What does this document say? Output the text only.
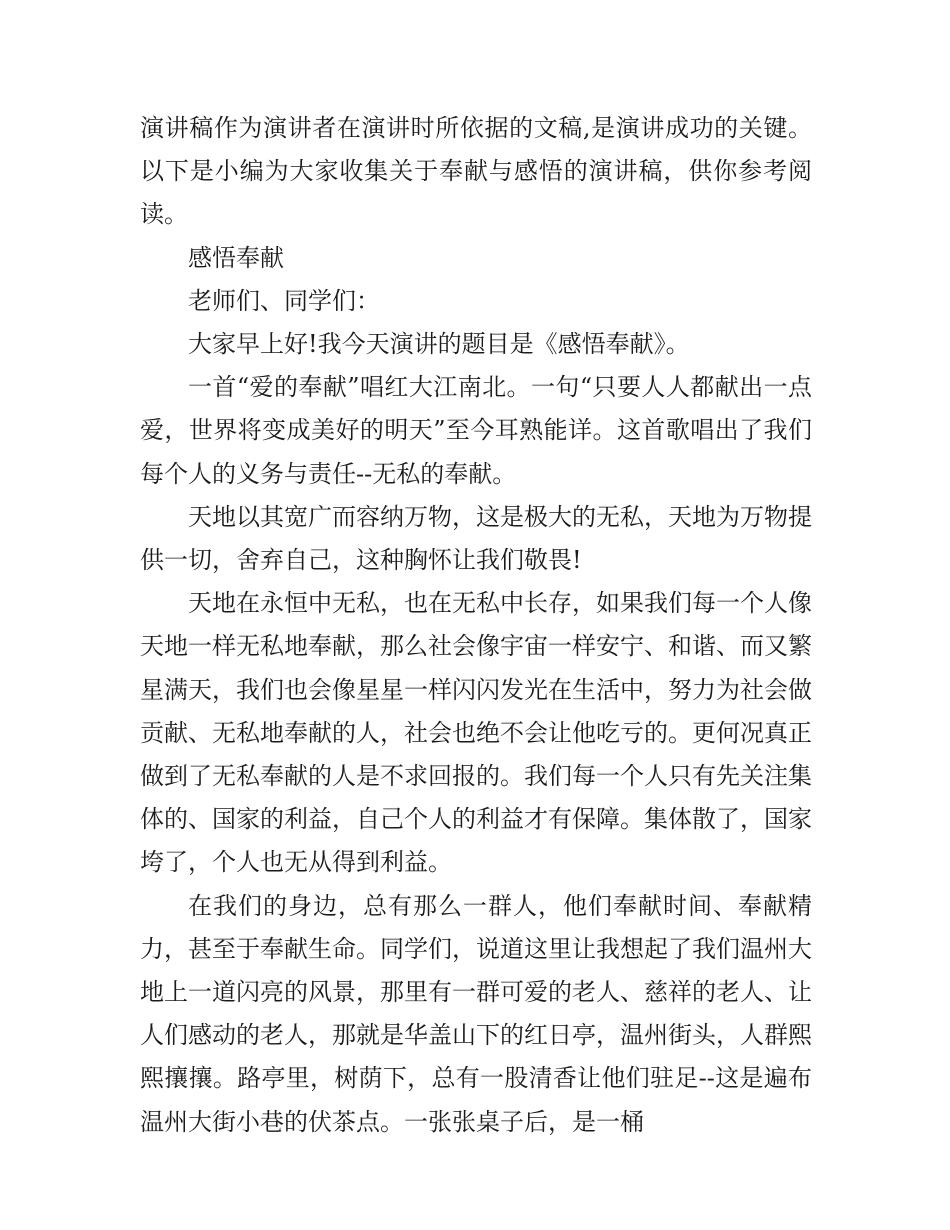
演讲稿作为演讲者在演讲时所依据的文稿,是演讲成功的关键。以下是小编为大家收集关于奉献与感悟的演讲稿，供你参考阅读。

感悟奉献

老师们、同学们：

大家早上好!我今天演讲的题目是《感悟奉献》。

一首“爱的奉献”唱红大江南北。一句“只要人人都献出一点爱，世界将变成美好的明天”至今耳熟能详。这首歌唱出了我们每个人的义务与责任--无私的奉献。

天地以其宽广而容纳万物，这是极大的无私，天地为万物提供一切，舍弃自己，这种胸怀让我们敬畏!

天地在永恒中无私，也在无私中长存，如果我们每一个人像天地一样无私地奉献，那么社会像宇宙一样安宁、和谐、而又繁星满天，我们也会像星星一样闪闪发光在生活中，努力为社会做贡献、无私地奉献的人，社会也绝不会让他吃亏的。更何况真正做到了无私奉献的人是不求回报的。我们每一个人只有先关注集体的、国家的利益，自己个人的利益才有保障。集体散了，国家垮了，个人也无从得到利益。

在我们的身边，总有那么一群人，他们奉献时间、奉献精力，甚至于奉献生命。同学们，说道这里让我想起了我们温州大地上一道闪亮的风景，那里有一群可爱的老人、慈祥的老人、让人们感动的老人，那就是华盖山下的红日亭，温州街头，人群熙熙攘攘。路亭里，树荫下，总有一股清香让他们驻足--这是遍布温州大街小巷的伏茶点。一张张桌子后，是一桶
